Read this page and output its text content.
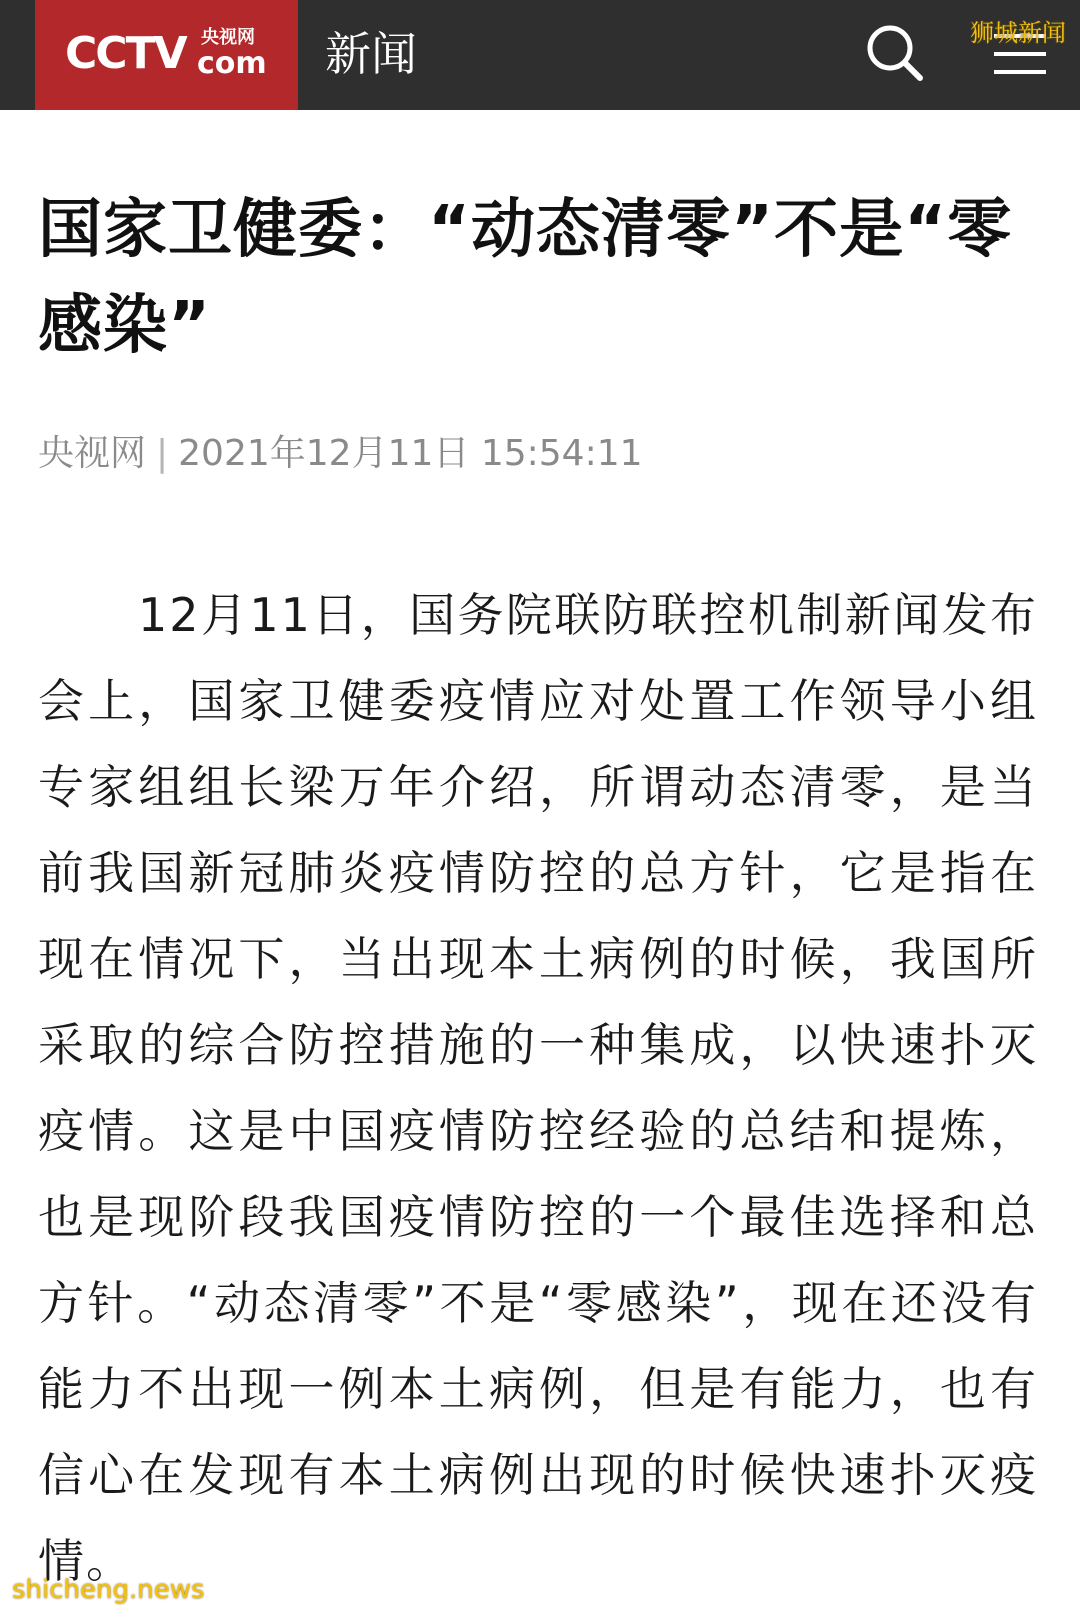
CCTV 央视网
com 新闻	狮城新闻
国家卫健委：“动态清零”不是“零感染”
央视网 | 2021年12月11日 15:54:11

12月11日，国务院联防联控机制新闻发布会上，国家卫健委疫情应对处置工作领导小组专家组组长梁万年介绍，所谓动态清零，是当前我国新冠肺炎疫情防控的总方针，它是指在现在情况下，当出现本土病例的时候，我国所采取的综合防控措施的一种集成，以快速扑灭疫情。这是中国疫情防控经验的总结和提炼，也是现阶段我国疫情防控的一个最佳选择和总方针。“动态清零”不是“零感染”，现在还没有能力不出现一例本土病例，但是有能力，也有信心在发现有本土病例出现的时候快速扑灭疫情。

shicheng.news
